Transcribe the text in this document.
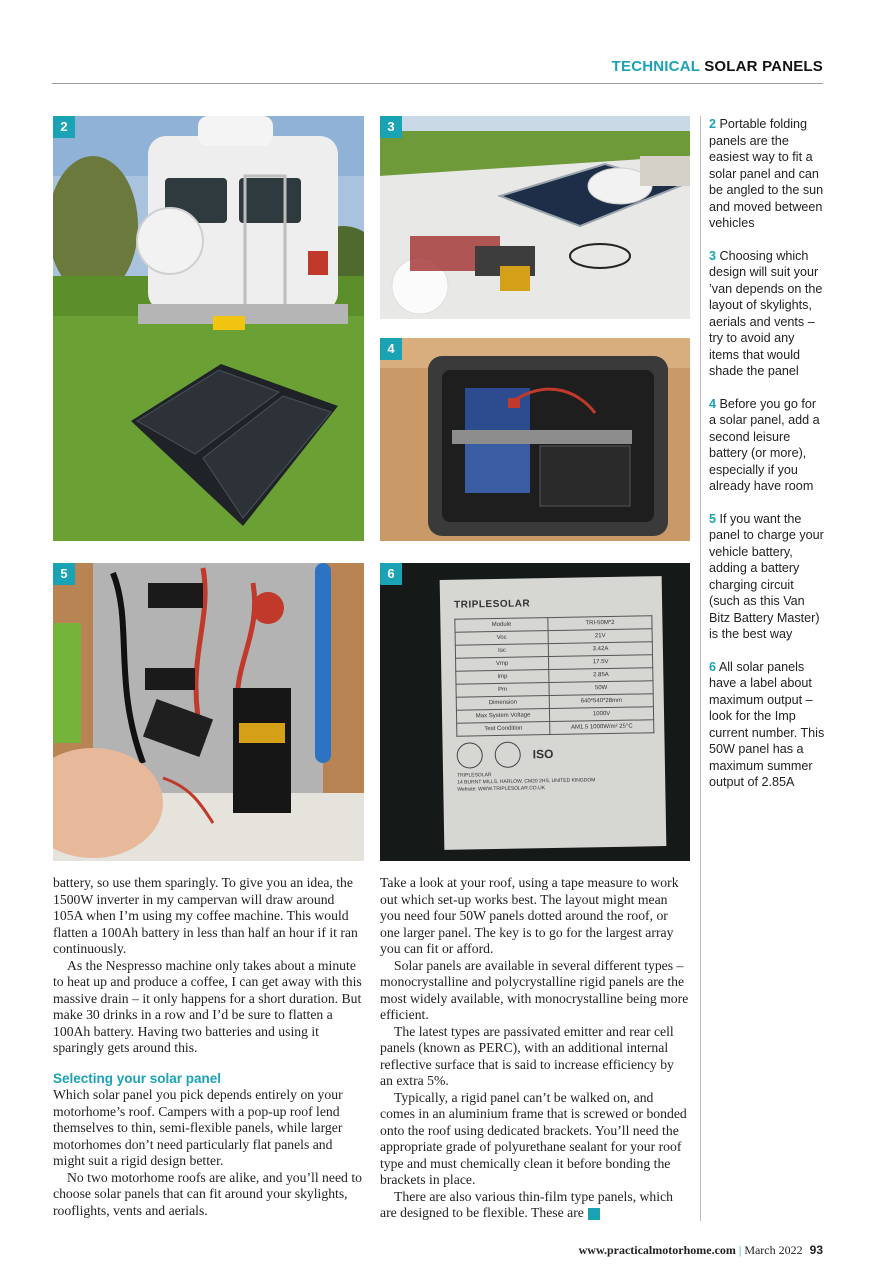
TECHNICAL SOLAR PANELS
2	3
4
5
TRIPLESOLAR
Module	TRI-50M*2
Voc	21V
Isc	3.42A
Vmp	17.5V
Imp	2.85A
Pm	50W
Dimension	640*540*28mm
Max System Voltage	1000V
Test Condition	AM1.5 1000W/m² 25°C
ISO
TRIPLESOLAR
14 BURNT MILLS, HARLOW, CM20 2HS, UNITED KINGDOM
Website: WWW.TRIPLESOLAR.CO.UK
6

2 Portable folding panels are the easiest way to fit a solar panel and can be angled to the sun and moved between vehicles

3 Choosing which design will suit your ’van depends on the layout of skylights, aerials and vents – try to avoid any items that would shade the panel

4 Before you go for a solar panel, add a second leisure battery (or more), especially if you already have room

5 If you want the panel to charge your vehicle battery, adding a battery charging circuit (such as this Van Bitz Battery Master) is the best way

6 All solar panels have a label about maximum output – look for the Imp current number. This 50W panel has a maximum summer output of 2.85A

battery, so use them sparingly. To give you an idea, the 1500W inverter in my campervan will draw around 105A when I’m using my coffee machine. This would flatten a 100Ah battery in less than half an hour if it ran continuously.

As the Nespresso machine only takes about a minute to heat up and produce a coffee, I can get away with this massive drain – it only happens for a short duration. But make 30 drinks in a row and I’d be sure to flatten a 100Ah battery. Having two batteries and using it sparingly gets around this.

Selecting your solar panel

Which solar panel you pick depends entirely on your motorhome’s roof. Campers with a pop-up roof lend themselves to thin, semi-flexible panels, while larger motorhomes don’t need particularly flat panels and might suit a rigid design better.

No two motorhome roofs are alike, and you’ll need to choose solar panels that can fit around your skylights, rooflights, vents and aerials.

Take a look at your roof, using a tape measure to work out which set-up works best. The layout might mean you need four 50W panels dotted around the roof, or one larger panel. The key is to go for the largest array you can fit or afford.

Solar panels are available in several different types – monocrystalline and polycrystalline rigid panels are the most widely available, with monocrystalline being more efficient.

The latest types are passivated emitter and rear cell panels (known as PERC), with an additional internal reflective surface that is said to increase efficiency by an extra 5%.

Typically, a rigid panel can’t be walked on, and comes in an aluminium frame that is screwed or bonded onto the roof using dedicated brackets. You’ll need the appropriate grade of polyurethane sealant for your roof type and must chemically clean it before bonding the brackets in place.

There are also various thin-film type panels, which are designed to be flexible. These are ➜

www.practicalmotorhome.com | March 2022 93
